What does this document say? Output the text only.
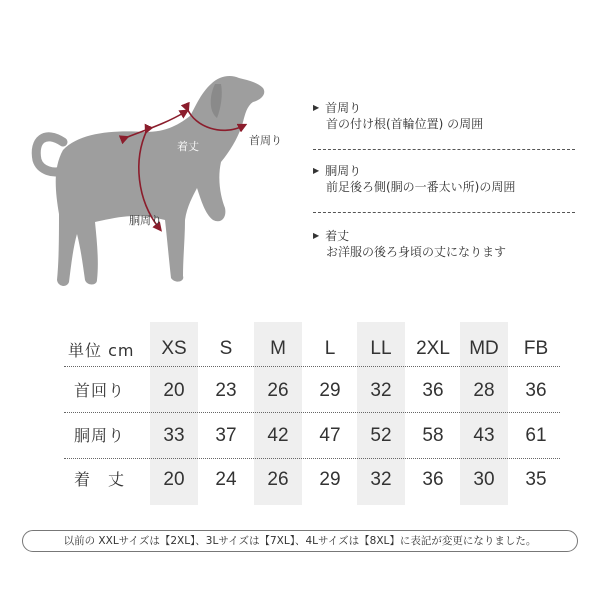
着丈	首周り
胴周り
▶ 首周り
首の付け根(首輪位置) の周囲
▶ 胴周り
前足後ろ側(胴の一番太い所)の周囲
▶ 着丈
お洋服の後ろ身頃の丈になります
単位 cm	XS	S	M	L	LL	2XL	MD	FB
首回り	20	23	26	29	32	36	28	36
胴周り	33	37	42	47	52	58	43	61
着　丈	20	24	26	29	32	36	30	35
以前の XXLサイズは【2XL】、3Lサイズは【7XL】、4Lサイズは【8XL】に表記が変更になりました。
